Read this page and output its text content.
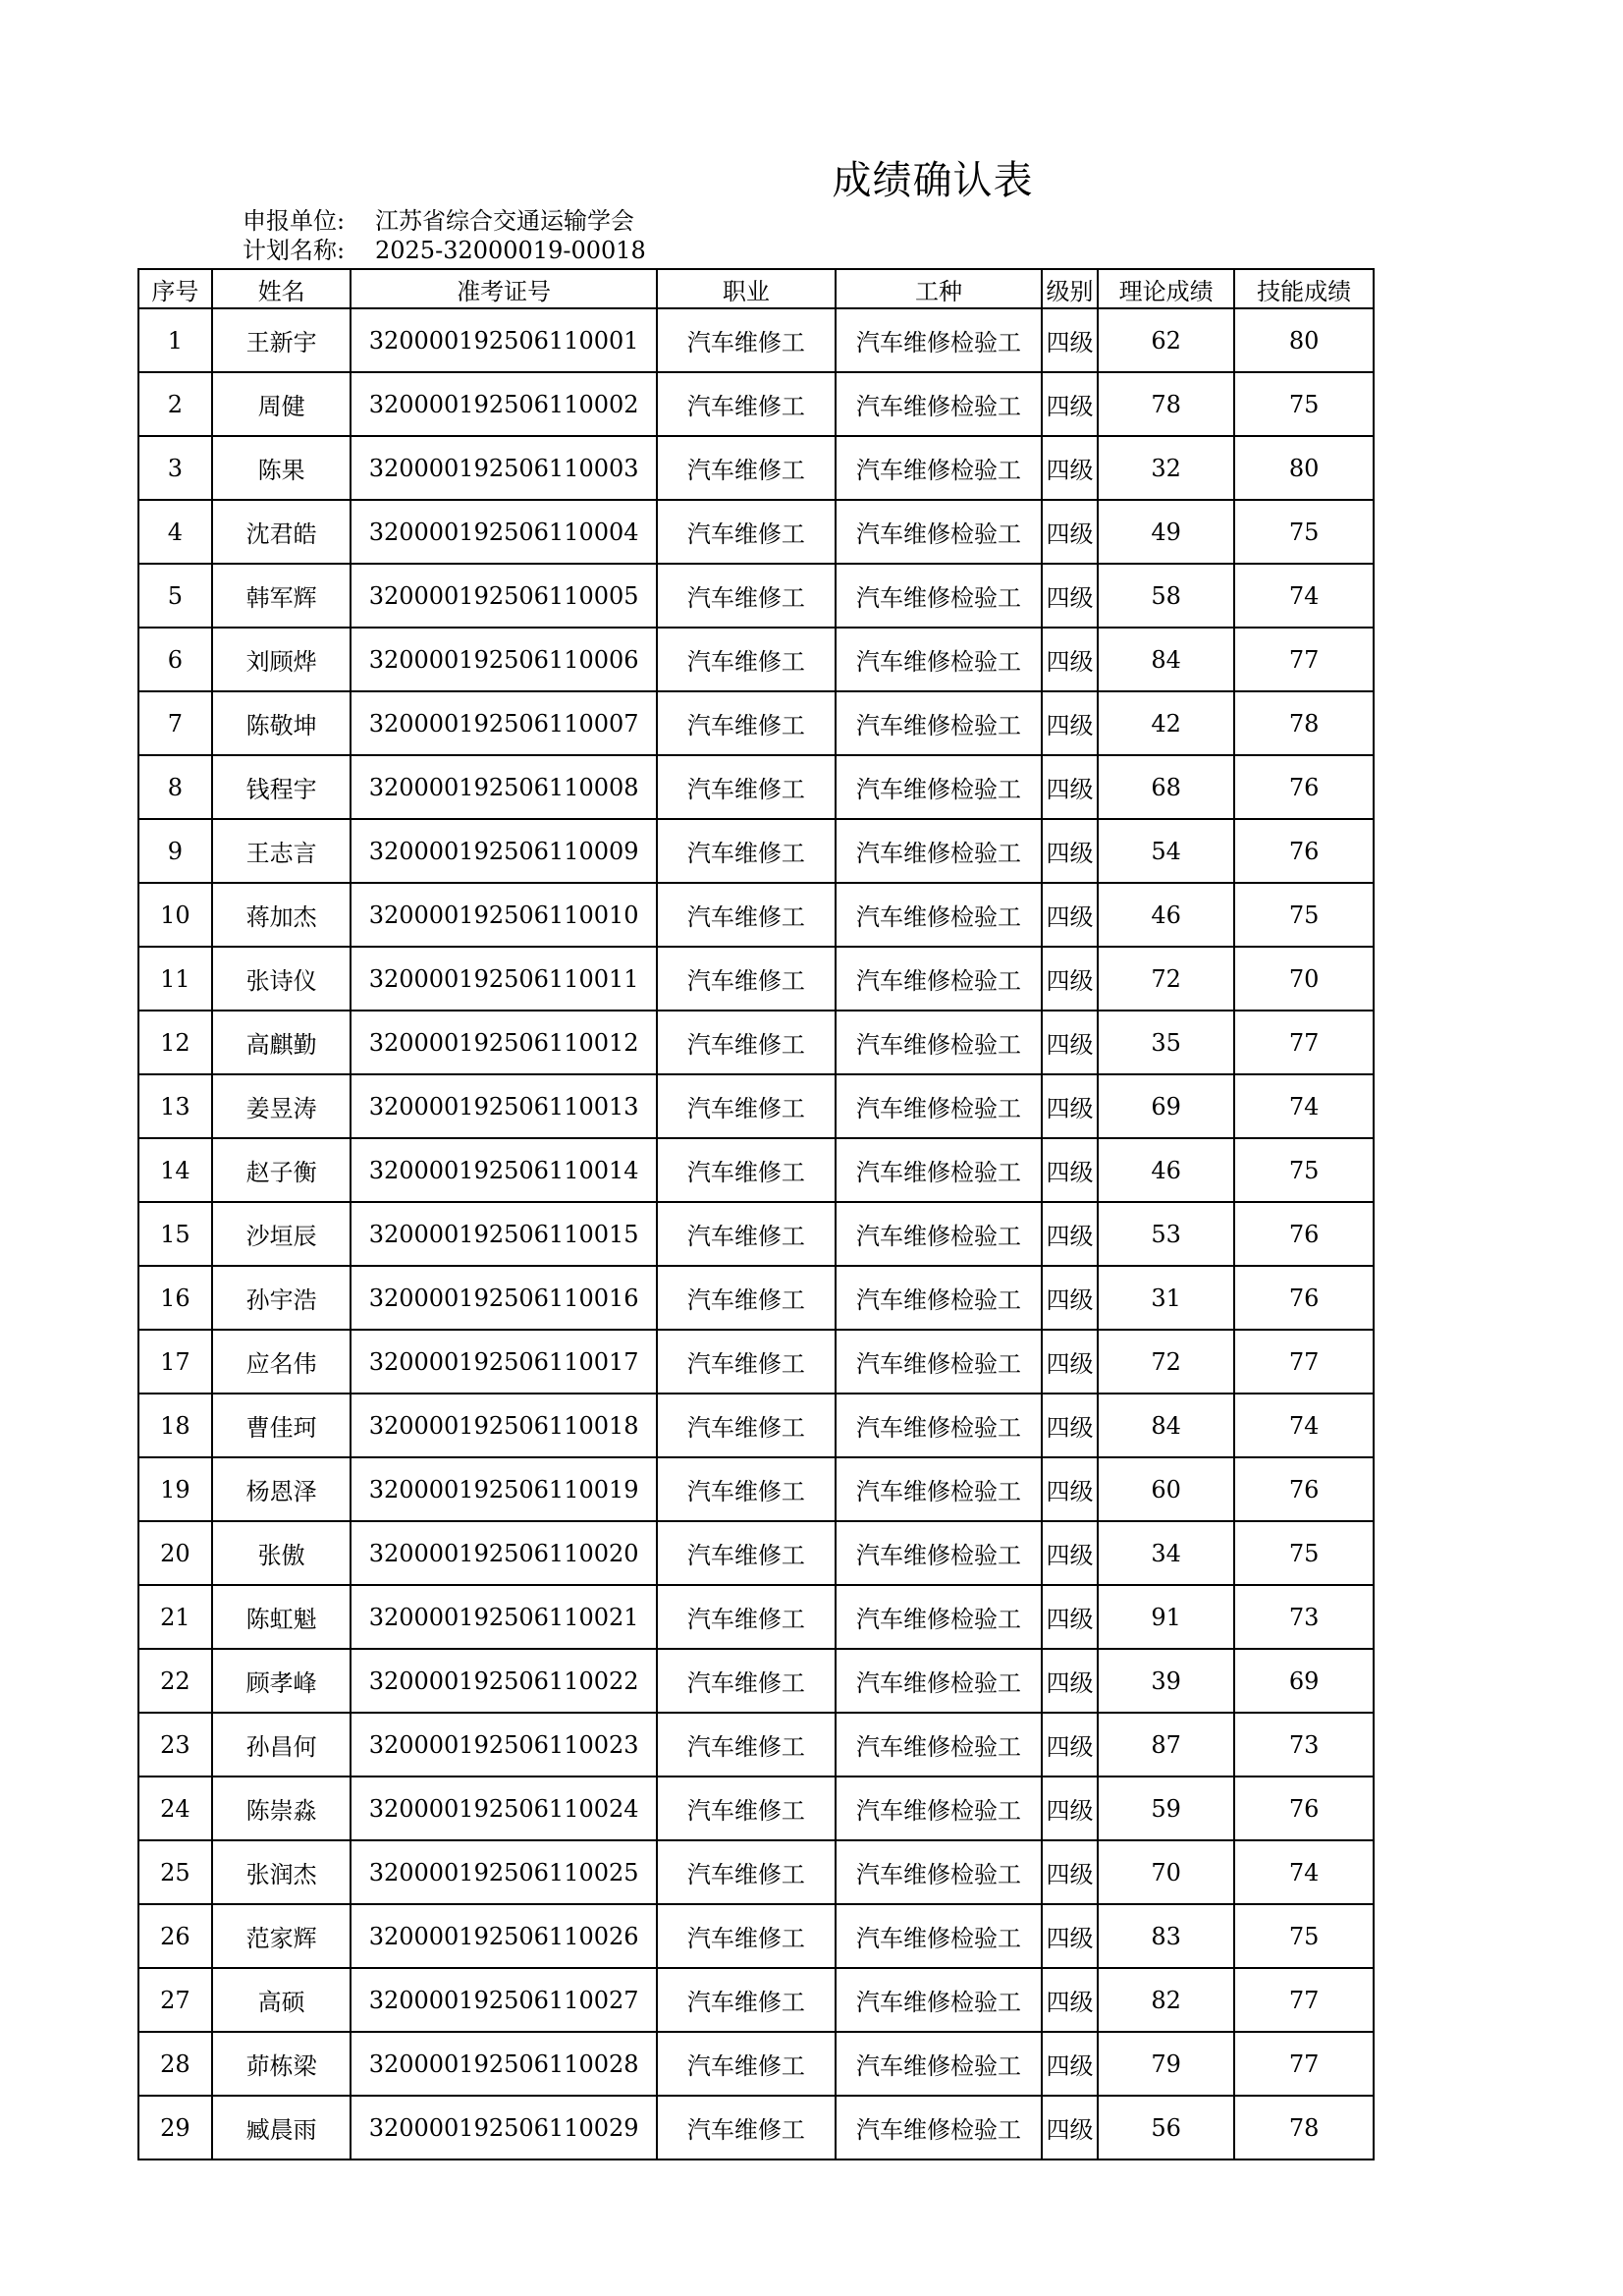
成绩确认表
申报单位: 江苏省综合交通运输学会
计划名称: 2025-32000019-00018
序号	姓名	准考证号	职业	工种	级别	理论成绩	技能成绩
1	王新宇	320000192506110001	汽车维修工	汽车维修检验工	四级	62	80
2	周健	320000192506110002	汽车维修工	汽车维修检验工	四级	78	75
3	陈果	320000192506110003	汽车维修工	汽车维修检验工	四级	32	80
4	沈君皓	320000192506110004	汽车维修工	汽车维修检验工	四级	49	75
5	韩军辉	320000192506110005	汽车维修工	汽车维修检验工	四级	58	74
6	刘顾烨	320000192506110006	汽车维修工	汽车维修检验工	四级	84	77
7	陈敬坤	320000192506110007	汽车维修工	汽车维修检验工	四级	42	78
8	钱程宇	320000192506110008	汽车维修工	汽车维修检验工	四级	68	76
9	王志言	320000192506110009	汽车维修工	汽车维修检验工	四级	54	76
10	蒋加杰	320000192506110010	汽车维修工	汽车维修检验工	四级	46	75
11	张诗仪	320000192506110011	汽车维修工	汽车维修检验工	四级	72	70
12	高麒勤	320000192506110012	汽车维修工	汽车维修检验工	四级	35	77
13	姜昱涛	320000192506110013	汽车维修工	汽车维修检验工	四级	69	74
14	赵子衡	320000192506110014	汽车维修工	汽车维修检验工	四级	46	75
15	沙垣辰	320000192506110015	汽车维修工	汽车维修检验工	四级	53	76
16	孙宇浩	320000192506110016	汽车维修工	汽车维修检验工	四级	31	76
17	应名伟	320000192506110017	汽车维修工	汽车维修检验工	四级	72	77
18	曹佳珂	320000192506110018	汽车维修工	汽车维修检验工	四级	84	74
19	杨恩泽	320000192506110019	汽车维修工	汽车维修检验工	四级	60	76
20	张傲	320000192506110020	汽车维修工	汽车维修检验工	四级	34	75
21	陈虹魁	320000192506110021	汽车维修工	汽车维修检验工	四级	91	73
22	顾孝峰	320000192506110022	汽车维修工	汽车维修检验工	四级	39	69
23	孙昌何	320000192506110023	汽车维修工	汽车维修检验工	四级	87	73
24	陈崇淼	320000192506110024	汽车维修工	汽车维修检验工	四级	59	76
25	张润杰	320000192506110025	汽车维修工	汽车维修检验工	四级	70	74
26	范家辉	320000192506110026	汽车维修工	汽车维修检验工	四级	83	75
27	高硕	320000192506110027	汽车维修工	汽车维修检验工	四级	82	77
28	茆栋梁	320000192506110028	汽车维修工	汽车维修检验工	四级	79	77
29	臧晨雨	320000192506110029	汽车维修工	汽车维修检验工	四级	56	78
